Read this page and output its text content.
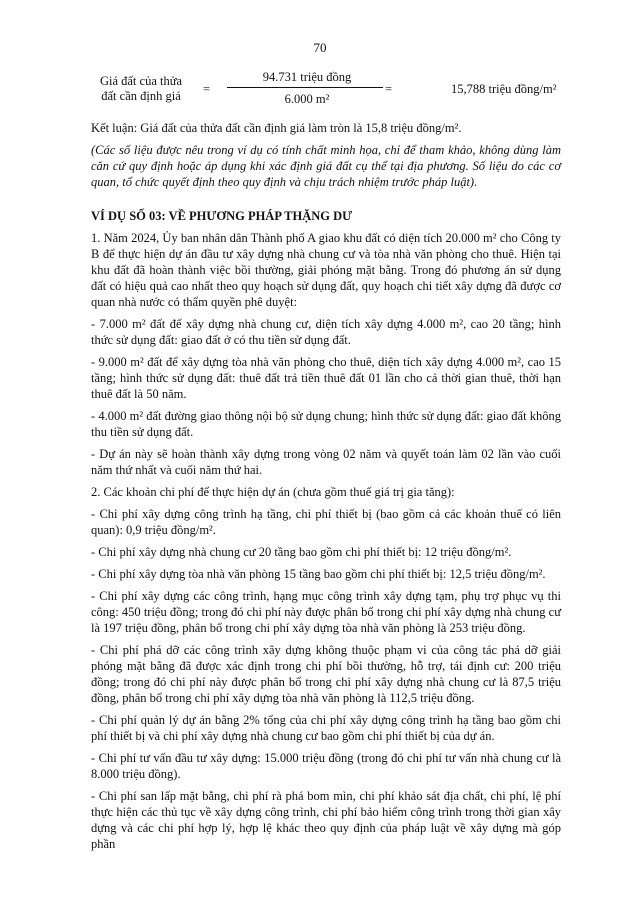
70
Giá đất của thửa
đất cần định giá	=
94.731 triệu đồng
6.000 m²
=	15,788 triệu đồng/m²

Kết luận: Giá đất của thửa đất cần định giá làm tròn là 15,8 triệu đồng/m².

(Các số liệu được nêu trong ví dụ có tính chất minh họa, chỉ để tham khảo, không dùng làm căn cứ quy định hoặc áp dụng khi xác định giá đất cụ thể tại địa phương. Số liệu do các cơ quan, tổ chức quyết định theo quy định và chịu trách nhiệm trước pháp luật).

VÍ DỤ SỐ 03: VỀ PHƯƠNG PHÁP THẶNG DƯ

1. Năm 2024, Ủy ban nhân dân Thành phố A giao khu đất có diện tích 20.000 m² cho Công ty B để thực hiện dự án đầu tư xây dựng nhà chung cư và tòa nhà văn phòng cho thuê. Hiện tại khu đất đã hoàn thành việc bồi thường, giải phóng mặt bằng. Trong đó phương án sử dụng đất có hiệu quả cao nhất theo quy hoạch sử dụng đất, quy hoạch chi tiết xây dựng đã được cơ quan nhà nước có thẩm quyền phê duyệt:

- 7.000 m² đất để xây dựng nhà chung cư, diện tích xây dựng 4.000 m², cao 20 tầng; hình thức sử dụng đất: giao đất ở có thu tiền sử dụng đất.

- 9.000 m² đất để xây dựng tòa nhà văn phòng cho thuê, diện tích xây dựng 4.000 m², cao 15 tầng; hình thức sử dụng đất: thuê đất trả tiền thuê đất 01 lần cho cả thời gian thuê, thời hạn thuê đất là 50 năm.

- 4.000 m² đất đường giao thông nội bộ sử dụng chung; hình thức sử dụng đất: giao đất không thu tiền sử dụng đất.

- Dự án này sẽ hoàn thành xây dựng trong vòng 02 năm và quyết toán làm 02 lần vào cuối năm thứ nhất và cuối năm thứ hai.

2. Các khoản chi phí để thực hiện dự án (chưa gồm thuế giá trị gia tăng):

- Chi phí xây dựng công trình hạ tầng, chi phí thiết bị (bao gồm cả các khoản thuế có liên quan): 0,9 triệu đồng/m².

- Chi phí xây dựng nhà chung cư 20 tầng bao gồm chi phí thiết bị: 12 triệu đồng/m².

- Chi phí xây dựng tòa nhà văn phòng 15 tầng bao gồm chi phí thiết bị: 12,5 triệu đồng/m².

- Chi phí xây dựng các công trình, hạng mục công trình xây dựng tạm, phụ trợ phục vụ thi công: 450 triệu đồng; trong đó chi phí này được phân bổ trong chi phí xây dựng nhà chung cư là 197 triệu đồng, phân bổ trong chi phí xây dựng tòa nhà văn phòng là 253 triệu đồng.

- Chi phí phá dỡ các công trình xây dựng không thuộc phạm vi của công tác phá dỡ giải phóng mặt bằng đã được xác định trong chi phí bồi thường, hỗ trợ, tái định cư: 200 triệu đồng; trong đó chi phí này được phân bổ trong chi phí xây dựng nhà chung cư là 87,5 triệu đồng, phân bổ trong chi phí xây dựng tòa nhà văn phòng là 112,5 triệu đồng.

- Chi phí quản lý dự án bằng 2% tổng của chi phí xây dựng công trình hạ tầng bao gồm chi phí thiết bị và chi phí xây dựng nhà chung cư bao gồm chi phí thiết bị của dự án.

- Chi phí tư vấn đầu tư xây dựng: 15.000 triệu đồng (trong đó chi phí tư vấn nhà chung cư là 8.000 triệu đồng).

- Chi phí san lấp mặt bằng, chi phí rà phá bom mìn, chi phí khảo sát địa chất, chi phí, lệ phí thực hiện các thủ tục về xây dựng công trình, chi phí bảo hiểm công trình trong thời gian xây dựng và các chi phí hợp lý, hợp lệ khác theo quy định của pháp luật về xây dựng mà góp phần
